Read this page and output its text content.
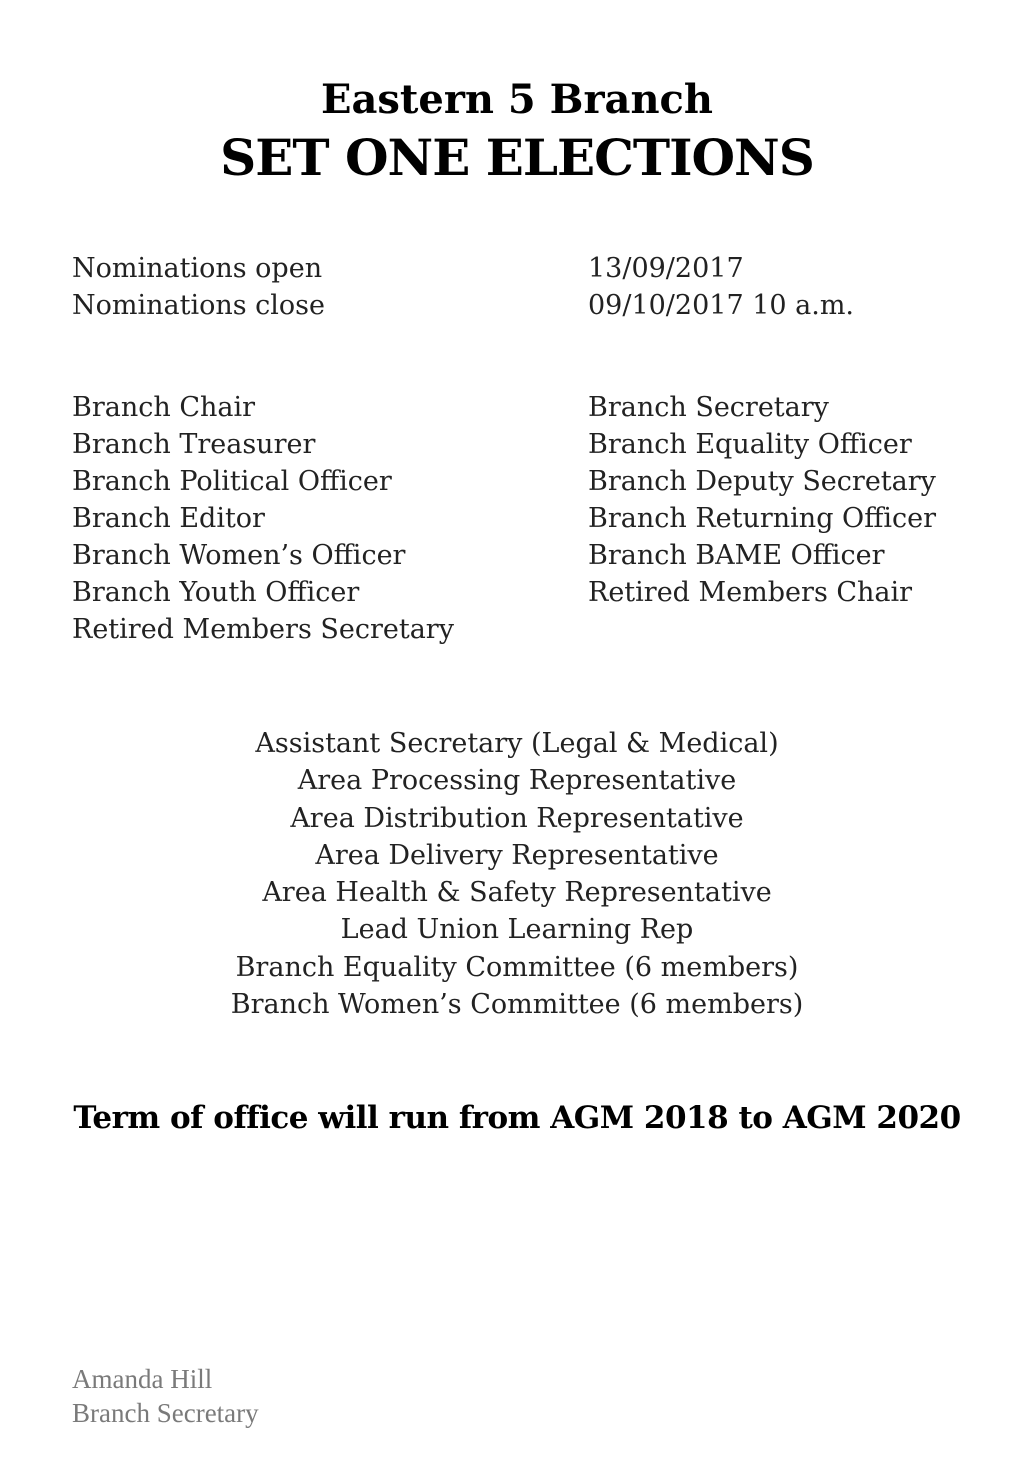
Eastern 5 Branch
SET ONE ELECTIONS
Nominations open
Nominations close
13/09/2017
09/10/2017 10 a.m.
Branch Chair
Branch Treasurer
Branch Political Officer
Branch Editor
Branch Women’s Officer
Branch Youth Officer
Retired Members Secretary
Branch Secretary
Branch Equality Officer
Branch Deputy Secretary
Branch Returning Officer
Branch BAME Officer
Retired Members Chair
Assistant Secretary (Legal & Medical)
Area Processing Representative
Area Distribution Representative
Area Delivery Representative
Area Health & Safety Representative
Lead Union Learning Rep
Branch Equality Committee (6 members)
Branch Women’s Committee (6 members)
Term of office will run from AGM 2018 to AGM 2020
Amanda Hill
Branch Secretary
